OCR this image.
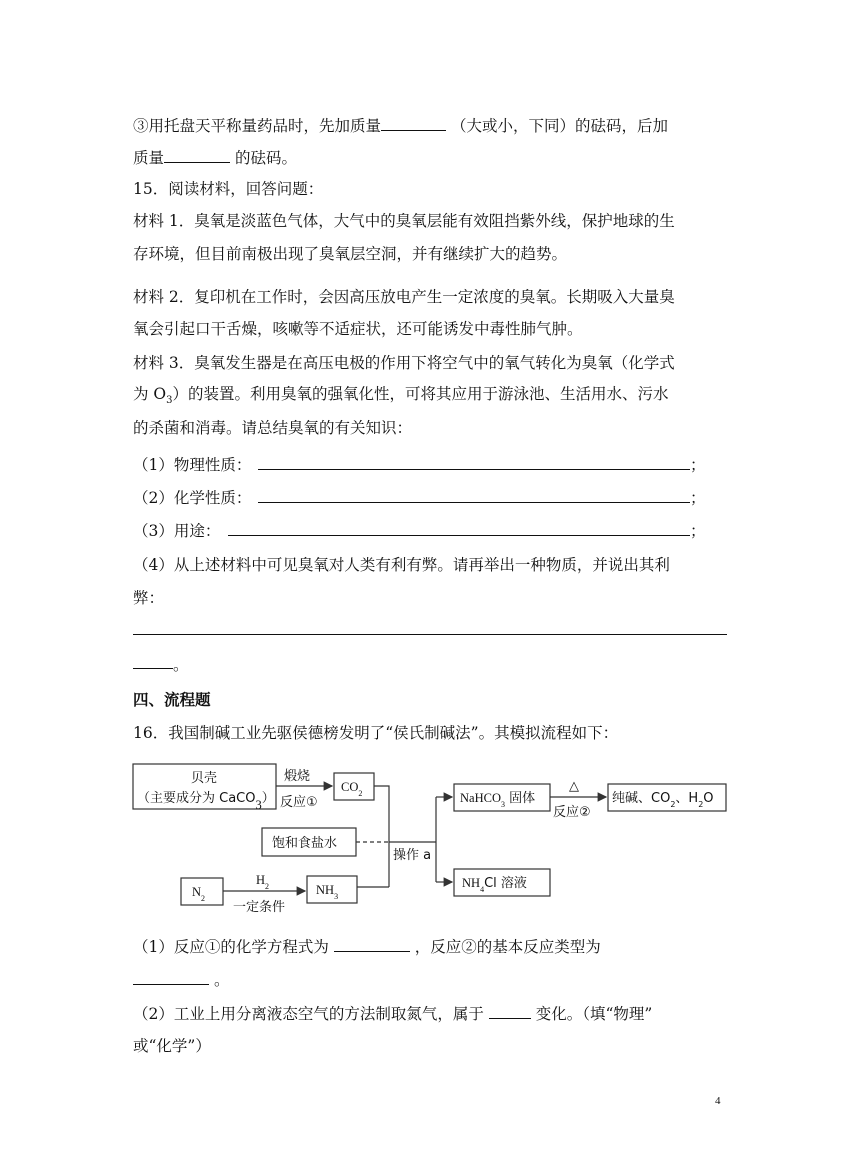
③用托盘天平称量药品时，先加质量	（大或小，下同）的砝码，后加
质量	的砝码。
15．阅读材料，回答问题：
材料 1．臭氧是淡蓝色气体，大气中的臭氧层能有效阻挡紫外线，保护地球的生
存环境，但目前南极出现了臭氧层空洞，并有继续扩大的趋势。
材料 2．复印机在工作时，会因高压放电产生一定浓度的臭氧。长期吸入大量臭
氧会引起口干舌燥，咳嗽等不适症状，还可能诱发中毒性肺气肿。
材料 3．臭氧发生器是在高压电极的作用下将空气中的氧气转化为臭氧（化学式
为 $O_3$）的装置。利用臭氧的强氧化性，可将其应用于游泳池、生活用水、污水
的杀菌和消毒。请总结臭氧的有关知识：
（1）物理性质：	；
（2）化学性质：	；
（3）用途：	；
（4）从上述材料中可见臭氧对人类有利有弊。请再举出一种物质，并说出其利
弊：
。
四、流程题
16．我国制碱工业先驱侯德榜发明了“侯氏制碱法”。其模拟流程如下：
贝壳
（主要成分为 CaCO$_3$）
煅烧
反应①
$CO_2$
饱和食盐水
操作 a
NaHCO$_3$ 固体
△
反应②
纯碱、$CO_2$、$H_2O$
$NH_4Cl$ 溶液
$N_2$
$H_2$
一定条件
$NH_3$
（1）反应①的化学方程式为	，反应②的基本反应类型为
。
（2）工业上用分离液态空气的方法制取氮气，属于	变化。（填“物理”
或“化学”）
4
